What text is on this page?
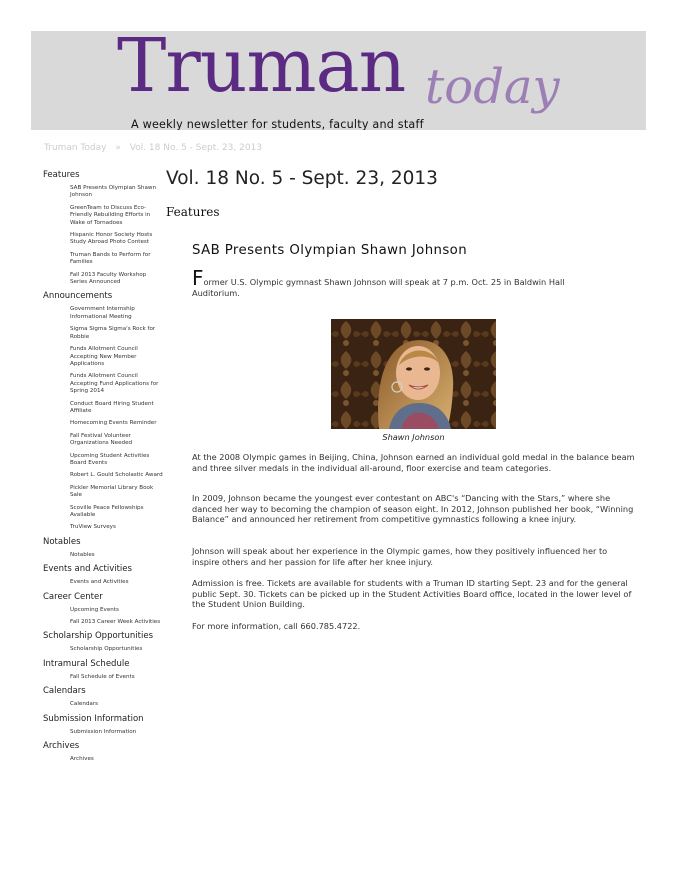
Truman today
A weekly newsletter for students, faculty and staff
Truman Today » Vol. 18 No. 5 - Sept. 23, 2013
Features
SAB Presents Olympian Shawn Johnson
GreenTeam to Discuss Eco-Friendly Rebuilding Efforts in Wake of Tornadoes
Hispanic Honor Society Hosts Study Abroad Photo Contest
Truman Bands to Perform for Families
Fall 2013 Faculty Workshop Series Announced
Announcements
Government Internship Informational Meeting
Sigma Sigma Sigma's Rock for Robbie
Funds Allotment Council Accepting New Member Applications
Funds Allotment Council Accepting Fund Applications for Spring 2014
Conduct Board Hiring Student Affiliate
Homecoming Events Reminder
Fall Festival Volunteer Organizations Needed
Upcoming Student Activities Board Events
Robert L. Gould Scholastic Award
Pickler Memorial Library Book Sale
Scoville Peace Fellowships Available
TruView Surveys
Notables
Notables
Events and Activities
Events and Activities
Career Center
Upcoming Events
Fall 2013 Career Week Activities
Scholarship Opportunities
Scholarship Opportunities
Intramural Schedule
Fall Schedule of Events
Calendars
Calendars
Submission Information
Submission Information
Archives
Archives
Vol. 18 No. 5 - Sept. 23, 2013
Features
SAB Presents Olympian Shawn Johnson
Former U.S. Olympic gymnast Shawn Johnson will speak at 7 p.m. Oct. 25 in Baldwin Hall Auditorium.
Shawn Johnson

At the 2008 Olympic games in Beijing, China, Johnson earned an individual gold medal in the balance beam and three silver medals in the individual all-around, floor exercise and team categories.

In 2009, Johnson became the youngest ever contestant on ABC's “Dancing with the Stars,” where she danced her way to becoming the champion of season eight. In 2012, Johnson published her book, “Winning Balance” and announced her retirement from competitive gymnastics following a knee injury.

Johnson will speak about her experience in the Olympic games, how they positively influenced her to inspire others and her passion for life after her knee injury.

Admission is free. Tickets are available for students with a Truman ID starting Sept. 23 and for the general public Sept. 30. Tickets can be picked up in the Student Activities Board office, located in the lower level of the Student Union Building.

For more information, call 660.785.4722.
